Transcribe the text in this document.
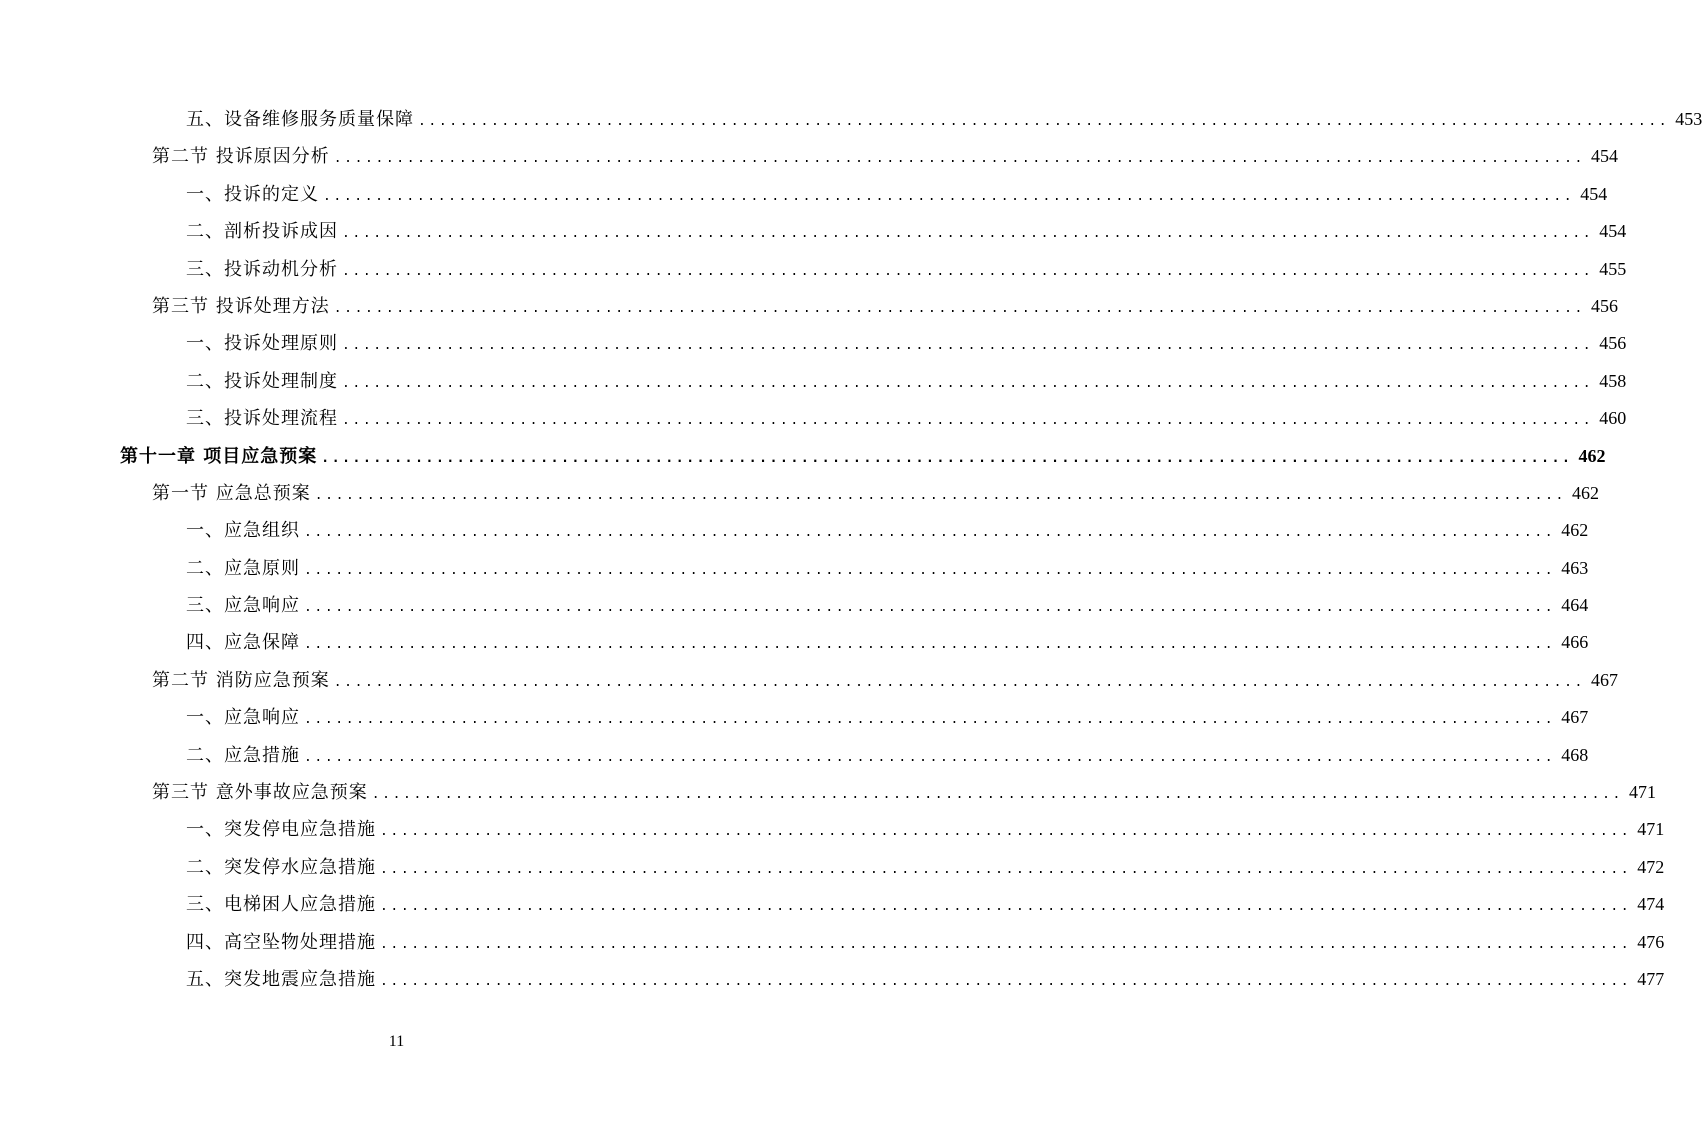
五、设备维修服务质量保障 ........................................................................................................................ 453
第二节 投诉原因分析 ........................................................................................................................ 454
一、投诉的定义 ........................................................................................................................ 454
二、剖析投诉成因 ........................................................................................................................ 454
三、投诉动机分析 ........................................................................................................................ 455
第三节 投诉处理方法 ........................................................................................................................ 456
一、投诉处理原则 ........................................................................................................................ 456
二、投诉处理制度 ........................................................................................................................ 458
三、投诉处理流程 ........................................................................................................................ 460
第十一章 项目应急预案 ........................................................................................................................ 462
第一节 应急总预案 ........................................................................................................................ 462
一、应急组织 ........................................................................................................................ 462
二、应急原则 ........................................................................................................................ 463
三、应急响应 ........................................................................................................................ 464
四、应急保障 ........................................................................................................................ 466
第二节 消防应急预案 ........................................................................................................................ 467
一、应急响应 ........................................................................................................................ 467
二、应急措施 ........................................................................................................................ 468
第三节 意外事故应急预案 ........................................................................................................................ 471
一、突发停电应急措施 ........................................................................................................................ 471
二、突发停水应急措施 ........................................................................................................................ 472
三、电梯困人应急措施 ........................................................................................................................ 474
四、高空坠物处理措施 ........................................................................................................................ 476
五、突发地震应急措施 ........................................................................................................................ 477
11
